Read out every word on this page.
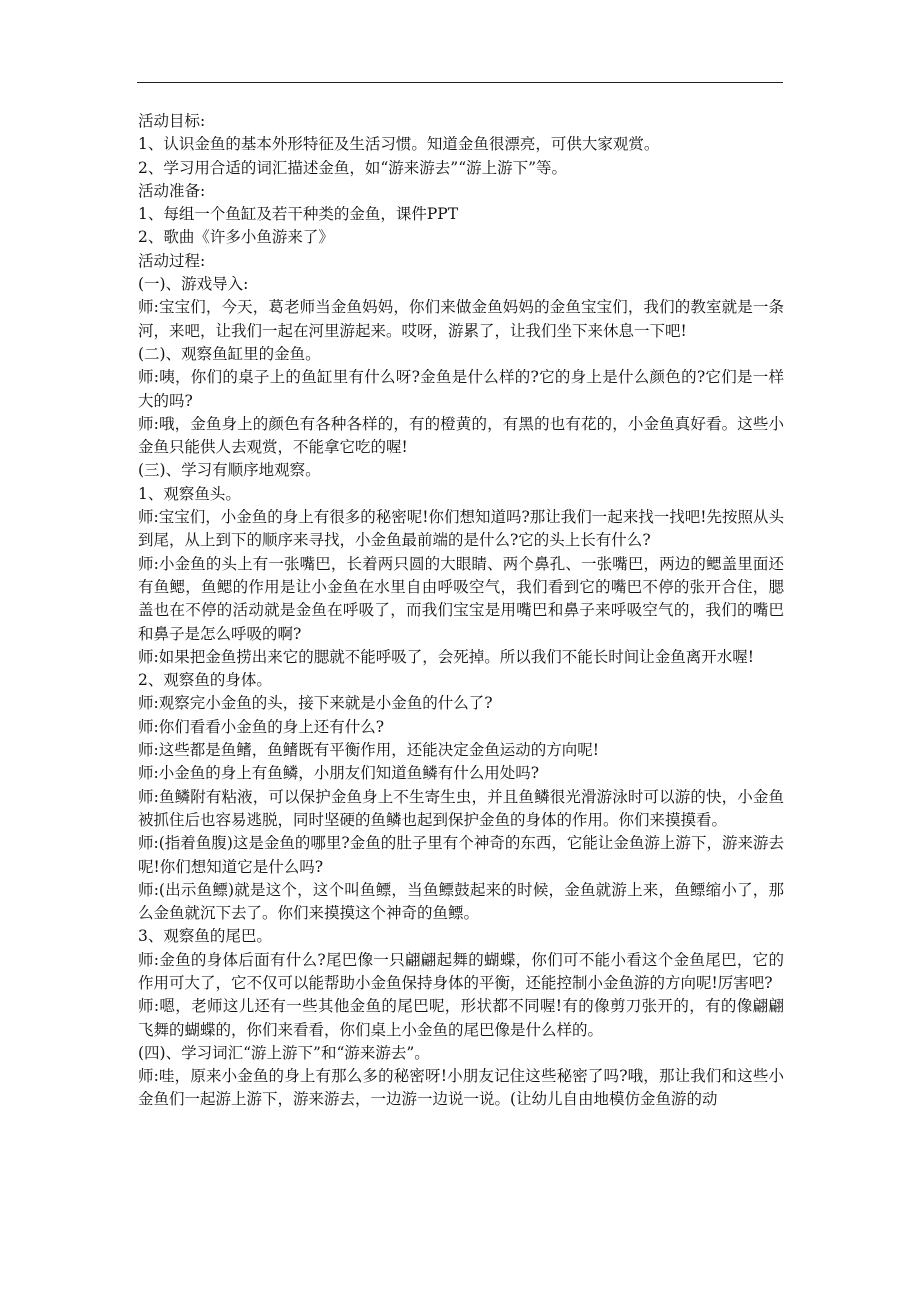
活动目标:

1、认识金鱼的基本外形特征及生活习惯。知道金鱼很漂亮，可供大家观赏。

2、学习用合适的词汇描述金鱼，如“游来游去”“游上游下”等。

活动准备:

1、每组一个鱼缸及若干种类的金鱼，课件PPT

2、歌曲《许多小鱼游来了》

活动过程:

(一)、游戏导入:

师:宝宝们，今天，葛老师当金鱼妈妈，你们来做金鱼妈妈的金鱼宝宝们，我们的教室就是一条河，来吧，让我们一起在河里游起来。哎呀，游累了，让我们坐下来休息一下吧!

(二)、观察鱼缸里的金鱼。

师:咦，你们的桌子上的鱼缸里有什么呀?金鱼是什么样的?它的身上是什么颜色的?它们是一样大的吗?

师:哦，金鱼身上的颜色有各种各样的，有的橙黄的，有黑的也有花的，小金鱼真好看。这些小金鱼只能供人去观赏，不能拿它吃的喔!

(三)、学习有顺序地观察。

1、观察鱼头。

师:宝宝们，小金鱼的身上有很多的秘密呢!你们想知道吗?那让我们一起来找一找吧!先按照从头到尾，从上到下的顺序来寻找，小金鱼最前端的是什么?它的头上长有什么?

师:小金鱼的头上有一张嘴巴，长着两只圆的大眼睛、两个鼻孔、一张嘴巴，两边的鳃盖里面还有鱼鳃，鱼鳃的作用是让小金鱼在水里自由呼吸空气，我们看到它的嘴巴不停的张开合住，腮盖也在不停的活动就是金鱼在呼吸了，而我们宝宝是用嘴巴和鼻子来呼吸空气的，我们的嘴巴和鼻子是怎么呼吸的啊?

师:如果把金鱼捞出来它的腮就不能呼吸了，会死掉。所以我们不能长时间让金鱼离开水喔!

2、观察鱼的身体。

师:观察完小金鱼的头，接下来就是小金鱼的什么了?

师:你们看看小金鱼的身上还有什么?

师:这些都是鱼鳍，鱼鳍既有平衡作用，还能决定金鱼运动的方向呢!

师:小金鱼的身上有鱼鳞，小朋友们知道鱼鳞有什么用处吗?

师:鱼鳞附有粘液，可以保护金鱼身上不生寄生虫，并且鱼鳞很光滑游泳时可以游的快，小金鱼被抓住后也容易逃脱，同时坚硬的鱼鳞也起到保护金鱼的身体的作用。你们来摸摸看。

师:(指着鱼腹)这是金鱼的哪里?金鱼的肚子里有个神奇的东西，它能让金鱼游上游下，游来游去呢!你们想知道它是什么吗?

师:(出示鱼鳔)就是这个，这个叫鱼鳔，当鱼鳔鼓起来的时候，金鱼就游上来，鱼鳔缩小了，那么金鱼就沉下去了。你们来摸摸这个神奇的鱼鳔。

3、观察鱼的尾巴。

师:金鱼的身体后面有什么?尾巴像一只翩翩起舞的蝴蝶，你们可不能小看这个金鱼尾巴，它的作用可大了，它不仅可以能帮助小金鱼保持身体的平衡，还能控制小金鱼游的方向呢!厉害吧?

师:嗯，老师这儿还有一些其他金鱼的尾巴呢，形状都不同喔!有的像剪刀张开的，有的像翩翩飞舞的蝴蝶的，你们来看看，你们桌上小金鱼的尾巴像是什么样的。

(四)、学习词汇“游上游下”和“游来游去”。

师:哇，原来小金鱼的身上有那么多的秘密呀!小朋友记住这些秘密了吗?哦，那让我们和这些小金鱼们一起游上游下，游来游去，一边游一边说一说。(让幼儿自由地模仿金鱼游的动
